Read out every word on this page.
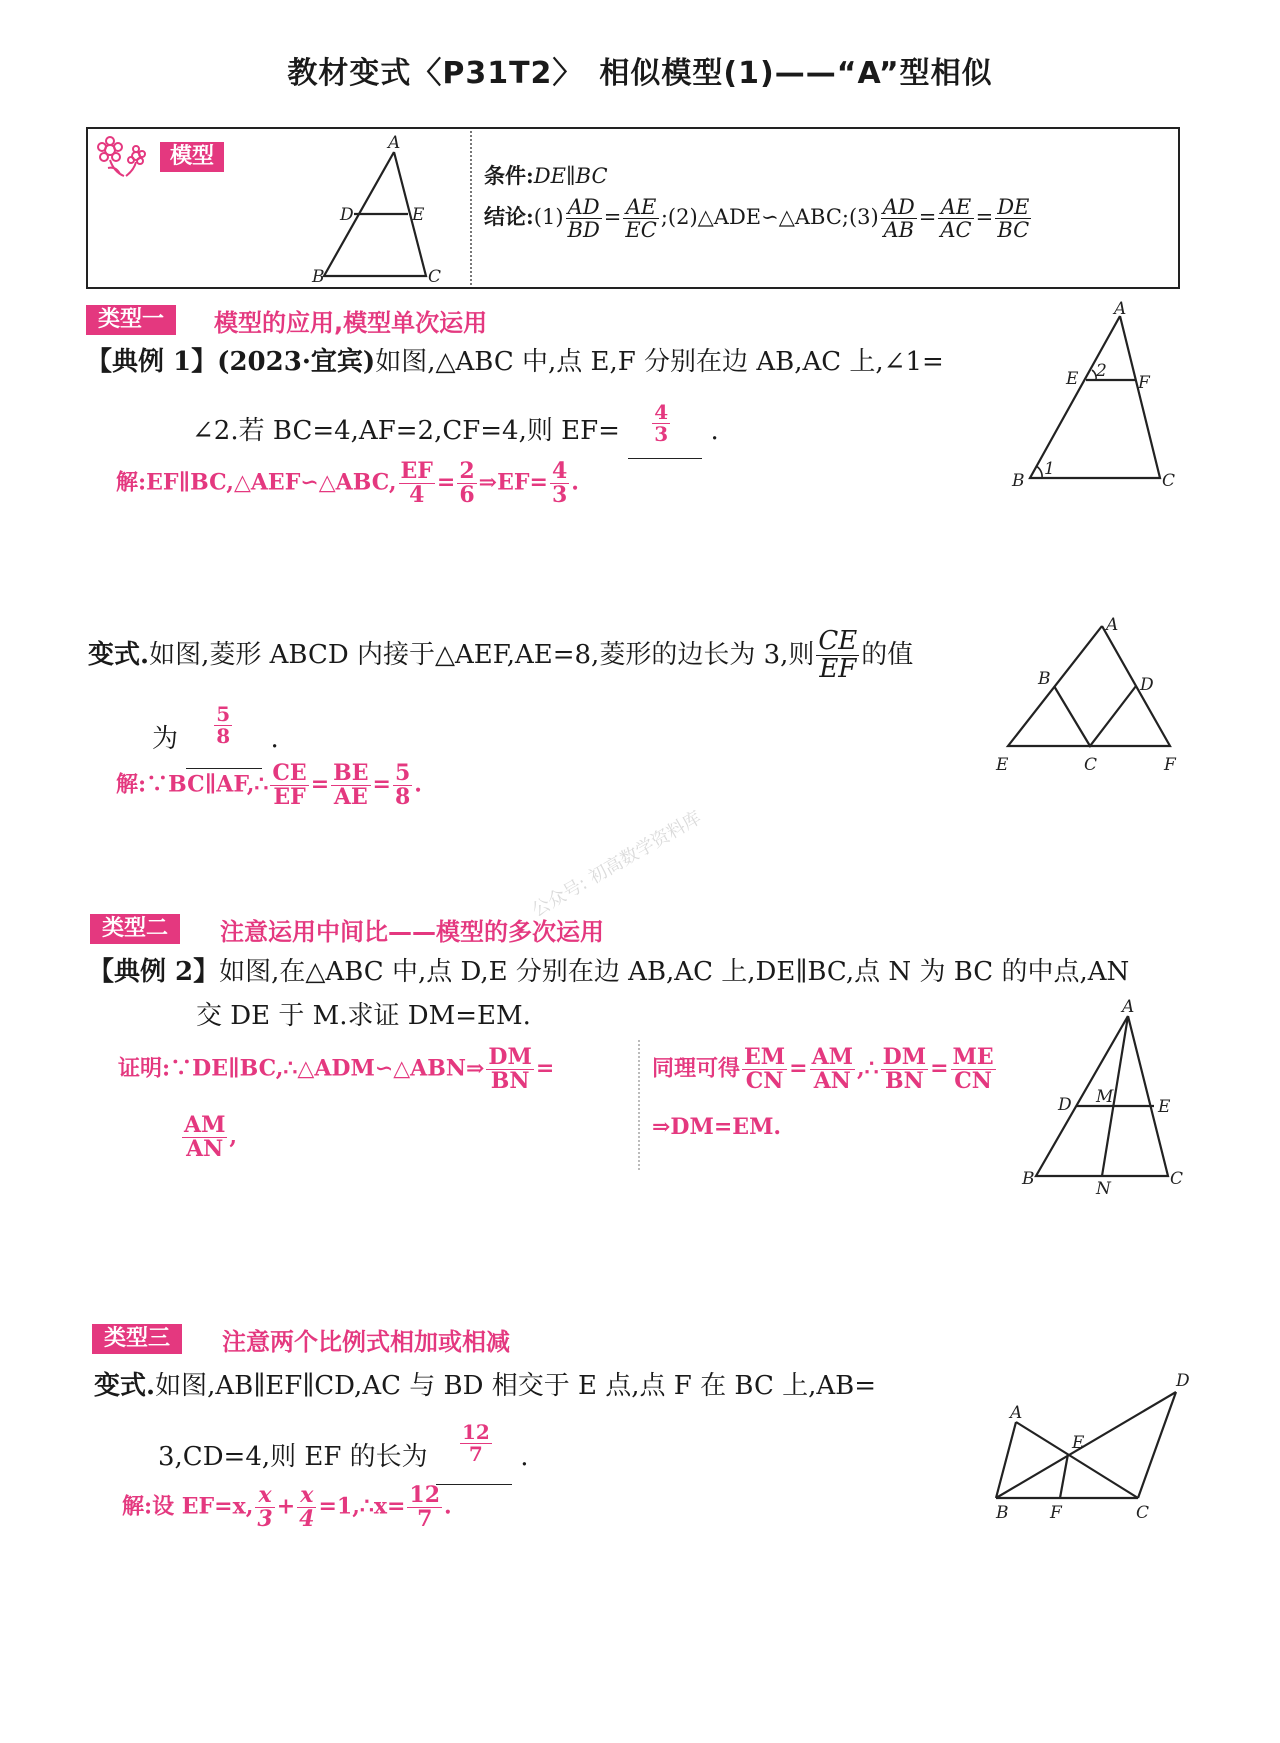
教材变式〈P31T2〉　相似模型(1)——“A”型相似
模型
A
B	C
D	E
条件:DE∥BC
结论:(1) $\frac{AD}{BD} = \frac{AE}{EC}$ ;(2)△ADE∽△ABC;(3) $\frac{AD}{AB} = \frac{AE}{AC} = \frac{DE}{BC}$
类型一	模型的应用,模型单次运用
【典例 1】(2023·宜宾)如图,△ABC 中,点 E,F 分别在边 AB,AC 上,∠1=
∠2.若 BC=4,AF=2,CF=4,则 $EF= \frac{4}{3}$ .
解:EF∥BC,△AEF∽△ABC, $\frac{EF}{4} = \frac{2}{6}$ ⇒EF= $\frac{4}{3}$ .
A
B	C
E	F
2
1
变式.如图,菱形 ABCD 内接于△AEF,AE=8,菱形的边长为 3,则 $\frac{CE}{EF}$ 的值
为 $\frac{5}{8}$ .
解:∵BC∥AF,∴ $\frac{CE}{EF} = \frac{BE}{AE} = \frac{5}{8}$ .
A
B
C
D
E	F
公众号: 初高数学资料库
类型二	注意运用中间比——模型的多次运用
【典例 2】如图,在△ABC 中,点 D,E 分别在边 AB,AC 上,DE∥BC,点 N 为 BC 的中点,AN
交 DE 于 M.求证 DM=EM.
证明:∵DE∥BC,∴△ADM∽△ABN⇒ $\frac{DM}{BN}$ =
$\frac{AM}{AN}$ ,
同理可得 $\frac{EM}{CN} = \frac{AM}{AN}$ ,∴ $\frac{DM}{BN} = \frac{ME}{CN}$
⇒DM=EM.
A
B	C
D	E
M
N
类型三	注意两个比例式相加或相减
变式.如图,AB∥EF∥CD,AC 与 BD 相交于 E 点,点 F 在 BC 上,AB=
3,CD=4,则 EF 的长为 $\frac{12}{7}$ .
解:设 EF=x, $\frac{x}{3} + \frac{x}{4}$ =1,∴x= $\frac{12}{7}$ .
A
B	C
D
E
F
